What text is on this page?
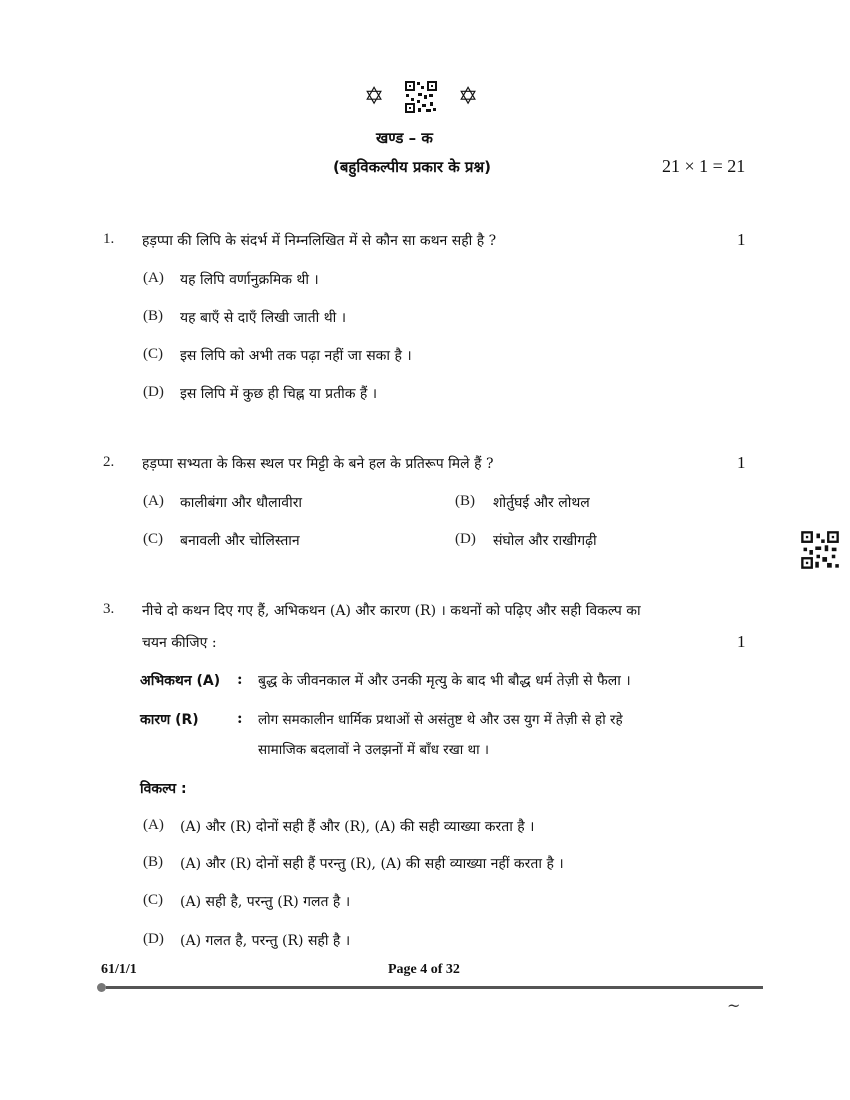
✡	✡
खण्ड – क
(बहुविकल्पीय प्रकार के प्रश्न)	21 × 1 = 21
1. हड़प्पा की लिपि के संदर्भ में निम्नलिखित में से कौन सा कथन सही है ?	1
(A) यह लिपि वर्णानुक्रमिक थी ।
(B) यह बाएँ से दाएँ लिखी जाती थी ।
(C) इस लिपि को अभी तक पढ़ा नहीं जा सका है ।
(D) इस लिपि में कुछ ही चिह्न या प्रतीक हैं ।
2. हड़प्पा सभ्यता के किस स्थल पर मिट्टी के बने हल के प्रतिरूप मिले हैं ?	1
(A) कालीबंगा और धौलावीरा	(B) शोर्तुघई और लोथल
(C) बनावली और चोलिस्तान	(D) संघोल और राखीगढ़ी
3. नीचे दो कथन दिए गए हैं, अभिकथन (A) और कारण (R) । कथनों को पढ़िए और सही विकल्प का
चयन कीजिए :	1
अभिकथन (A) : बुद्ध के जीवनकाल में और उनकी मृत्यु के बाद भी बौद्ध धर्म तेज़ी से फैला ।
कारण (R)	: लोग समकालीन धार्मिक प्रथाओं से असंतुष्ट थे और उस युग में तेज़ी से हो रहे
सामाजिक बदलावों ने उलझनों में बाँध रखा था ।
विकल्प :
(A) (A) और (R) दोनों सही हैं और (R), (A) की सही व्याख्या करता है ।
(B) (A) और (R) दोनों सही हैं परन्तु (R), (A) की सही व्याख्या नहीं करता है ।
(C) (A) सही है, परन्तु (R) गलत है ।
(D) (A) गलत है, परन्तु (R) सही है ।
61/1/1	Page 4 of 32
~
